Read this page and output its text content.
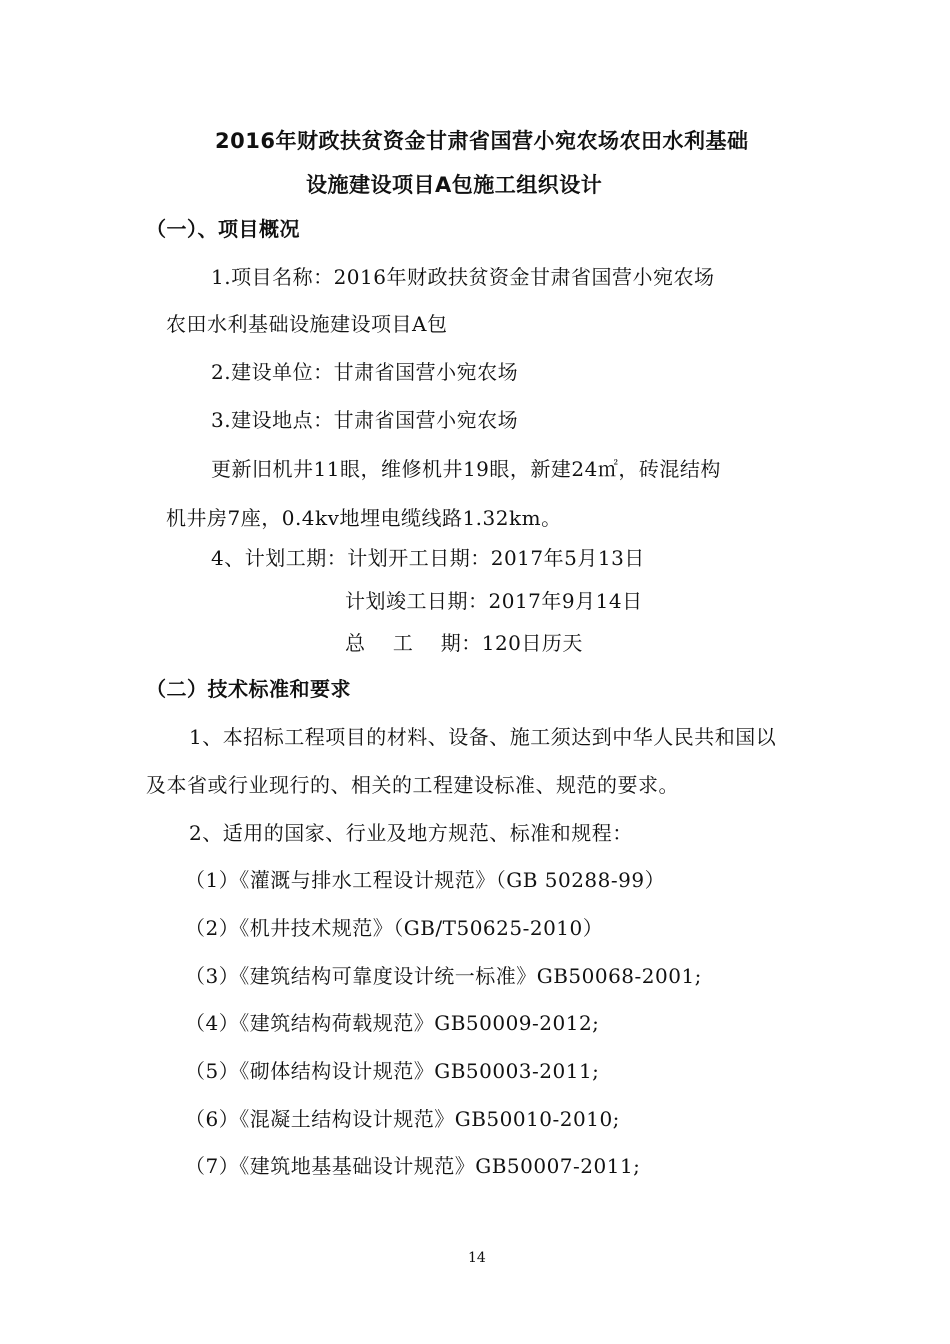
2016年财政扶贫资金甘肃省国营小宛农场农田水利基础
设施建设项目A包施工组织设计
（一）、项目概况
1.项目名称：2016年财政扶贫资金甘肃省国营小宛农场
农田水利基础设施建设项目A包
2.建设单位：甘肃省国营小宛农场
3.建设地点：甘肃省国营小宛农场
更新旧机井11眼，维修机井19眼，新建24㎡，砖混结构
机井房7座，0.4kv地埋电缆线路1.32km。
4、计划工期：计划开工日期：2017年5月13日
计划竣工日期：2017年9月14日
总　 工　 期：120日历天
（二）技术标准和要求
1、本招标工程项目的材料、设备、施工须达到中华人民共和国以
及本省或行业现行的、相关的工程建设标准、规范的要求。
2、适用的国家、行业及地方规范、标准和规程：
（1）《灌溉与排水工程设计规范》（GB 50288-99）
（2）《机井技术规范》（GB/T50625-2010）
（3）《建筑结构可靠度设计统一标准》GB50068-2001;
（4）《建筑结构荷载规范》GB50009-2012;
（5）《砌体结构设计规范》GB50003-2011;
（6）《混凝土结构设计规范》GB50010-2010;
（7）《建筑地基基础设计规范》GB50007-2011;
14
